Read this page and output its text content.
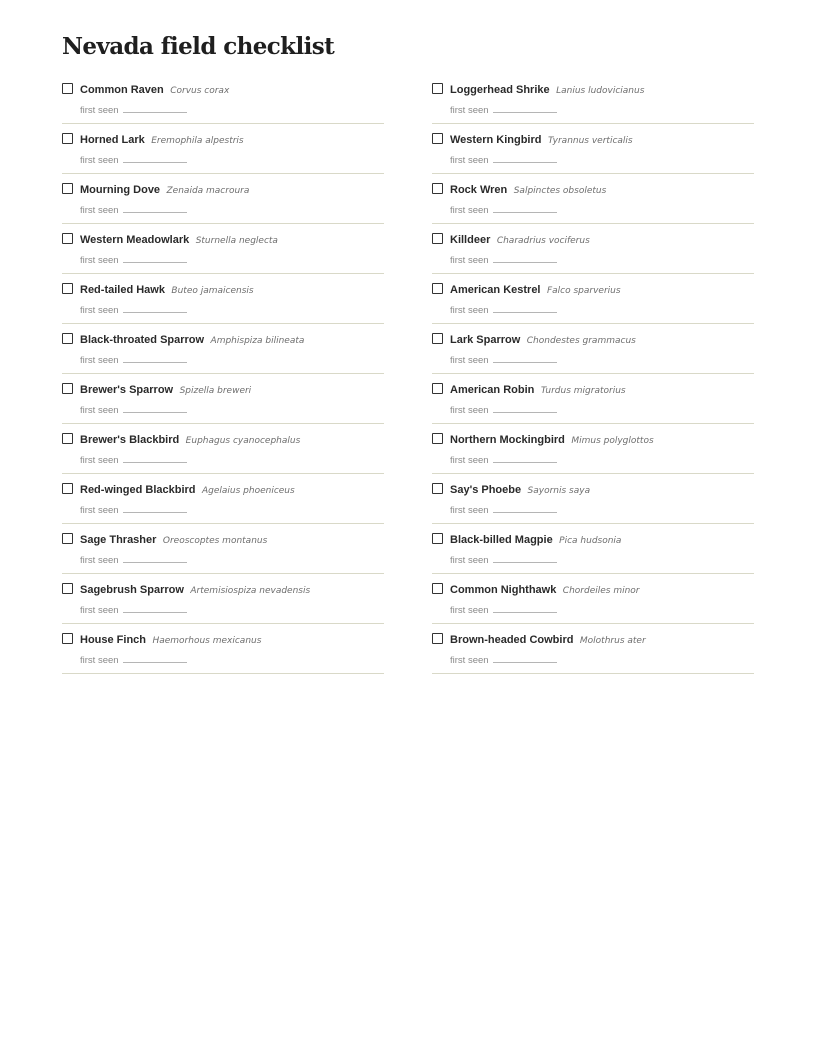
Nevada field checklist
Common Raven Corvus corax
first seen
Horned Lark Eremophila alpestris
first seen
Mourning Dove Zenaida macroura
first seen
Western Meadowlark Sturnella neglecta
first seen
Red-tailed Hawk Buteo jamaicensis
first seen
Black-throated Sparrow Amphispiza bilineata
first seen
Brewer's Sparrow Spizella breweri
first seen
Brewer's Blackbird Euphagus cyanocephalus
first seen
Red-winged Blackbird Agelaius phoeniceus
first seen
Sage Thrasher Oreoscoptes montanus
first seen
Sagebrush Sparrow Artemisiospiza nevadensis
first seen
House Finch Haemorhous mexicanus
first seen
Loggerhead Shrike Lanius ludovicianus
first seen
Western Kingbird Tyrannus verticalis
first seen
Rock Wren Salpinctes obsoletus
first seen
Killdeer Charadrius vociferus
first seen
American Kestrel Falco sparverius
first seen
Lark Sparrow Chondestes grammacus
first seen
American Robin Turdus migratorius
first seen
Northern Mockingbird Mimus polyglottos
first seen
Say's Phoebe Sayornis saya
first seen
Black-billed Magpie Pica hudsonia
first seen
Common Nighthawk Chordeiles minor
first seen
Brown-headed Cowbird Molothrus ater
first seen
